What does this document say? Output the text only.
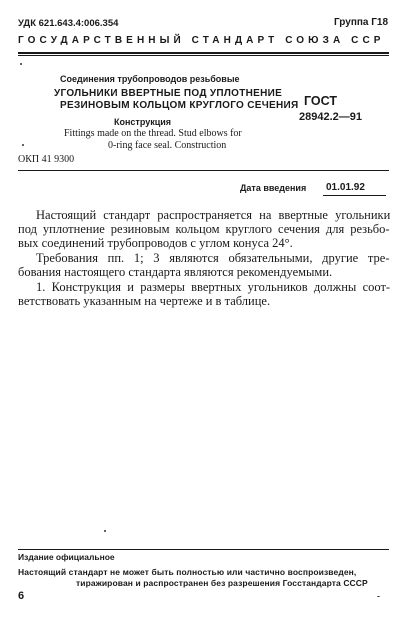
УДК 621.643.4:006.354	Группа Г18
ГОСУДАРСТВЕННЫЙ СТАНДАРТ СОЮЗА ССР
Соединения трубопроводов резьбовые
УГОЛЬНИКИ ВВЕРТНЫЕ ПОД УПЛОТНЕНИЕ
РЕЗИНОВЫМ КОЛЬЦОМ КРУГЛОГО СЕЧЕНИЯ
Конструкция
Fittings made on the thread. Stud elbows for
0-ring face seal. Construction
ОКП 41 9300
ГОСТ
28942.2—91
Дата введения 01.01.92
Настоящий стандарт распространяется на ввертные угольники
под уплотнение резиновым кольцом круглого сечения для резьбо-
вых соединений трубопроводов с углом конуса 24°.
Требования пп. 1; 3 являются обязательными, другие тре-
бования настоящего стандарта являются рекомендуемыми.
1. Конструкция и размеры ввертных угольников должны соот-
ветствовать указанным на чертеже и в таблице.
Издание официальное
Настоящий стандарт не может быть полностью или частично воспроизведен,
тиражирован и распространен без разрешения Госстандарта СССР
6
